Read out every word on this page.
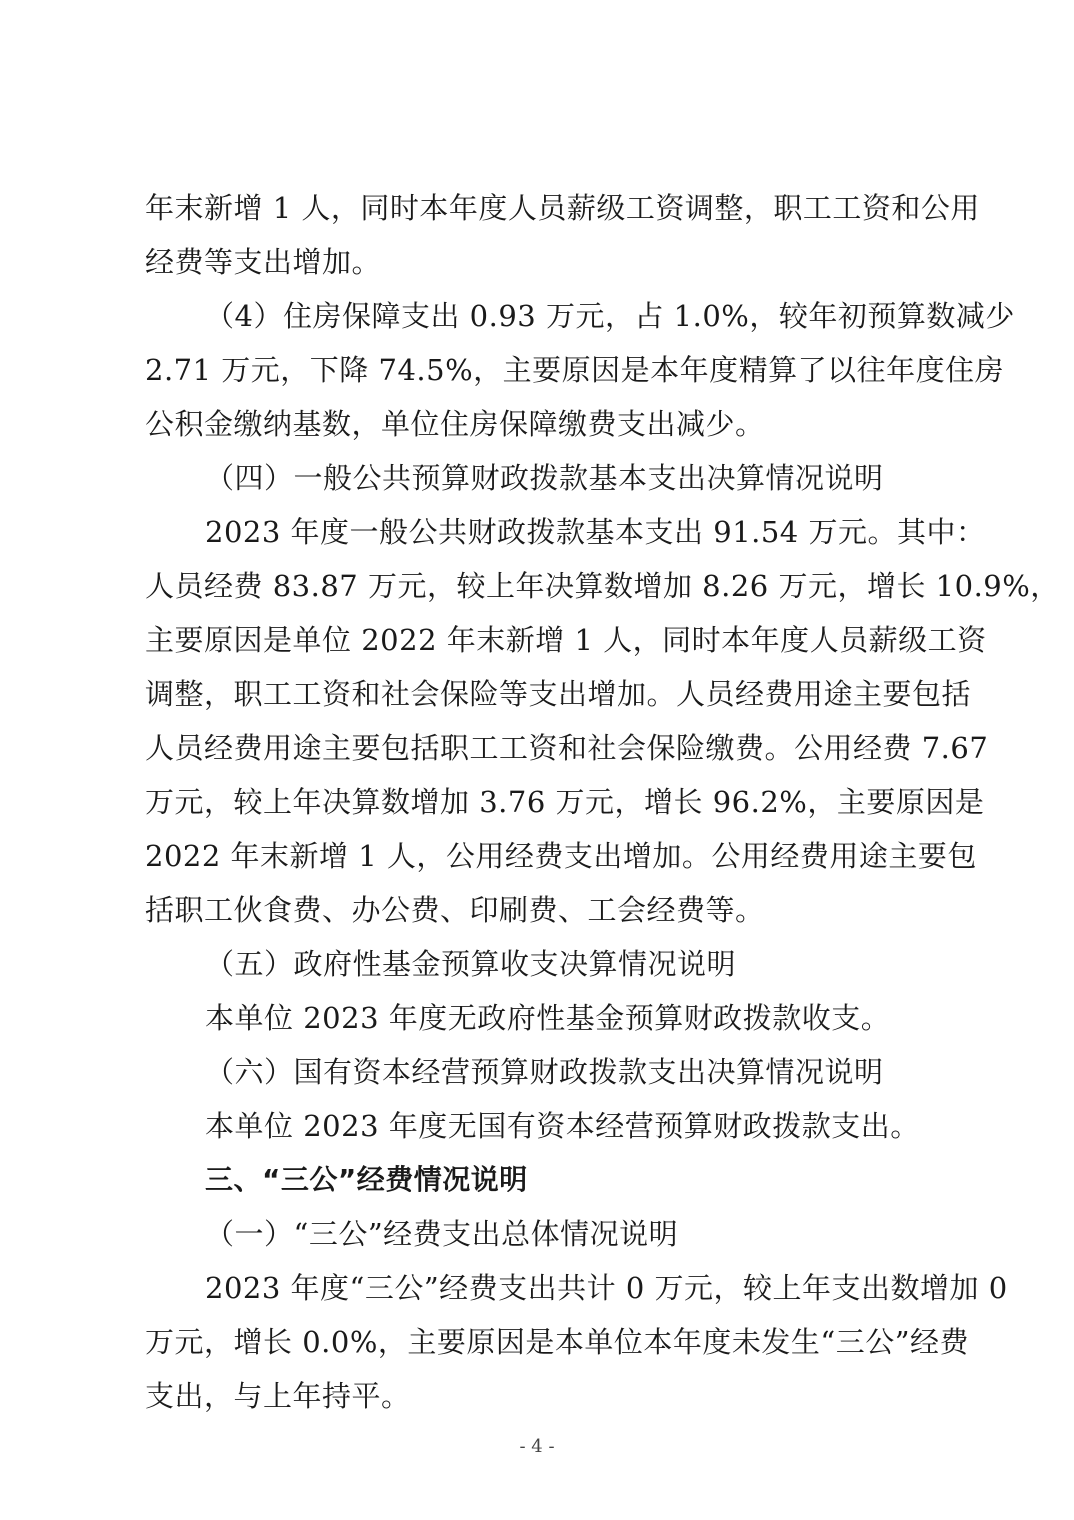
年末新增 1 人，同时本年度人员薪级工资调整，职工工资和公用
经费等支出增加。
（4）住房保障支出 0.93 万元，占 1.0%，较年初预算数减少
2.71 万元，下降 74.5%，主要原因是本年度精算了以往年度住房
公积金缴纳基数，单位住房保障缴费支出减少。
（四）一般公共预算财政拨款基本支出决算情况说明
2023 年度一般公共财政拨款基本支出 91.54 万元。其中：
人员经费 83.87 万元，较上年决算数增加 8.26 万元，增长 10.9%，
主要原因是单位 2022 年末新增 1 人，同时本年度人员薪级工资
调整，职工工资和社会保险等支出增加。人员经费用途主要包括
人员经费用途主要包括职工工资和社会保险缴费。公用经费 7.67
万元，较上年决算数增加 3.76 万元，增长 96.2%，主要原因是
2022 年末新增 1 人，公用经费支出增加。公用经费用途主要包
括职工伙食费、办公费、印刷费、工会经费等。
（五）政府性基金预算收支决算情况说明
本单位 2023 年度无政府性基金预算财政拨款收支。
（六）国有资本经营预算财政拨款支出决算情况说明
本单位 2023 年度无国有资本经营预算财政拨款支出。
三、“三公”经费情况说明
（一）“三公”经费支出总体情况说明
2023 年度“三公”经费支出共计 0 万元，较上年支出数增加 0
万元，增长 0.0%，主要原因是本单位本年度未发生“三公”经费
支出，与上年持平。
- 4 -
